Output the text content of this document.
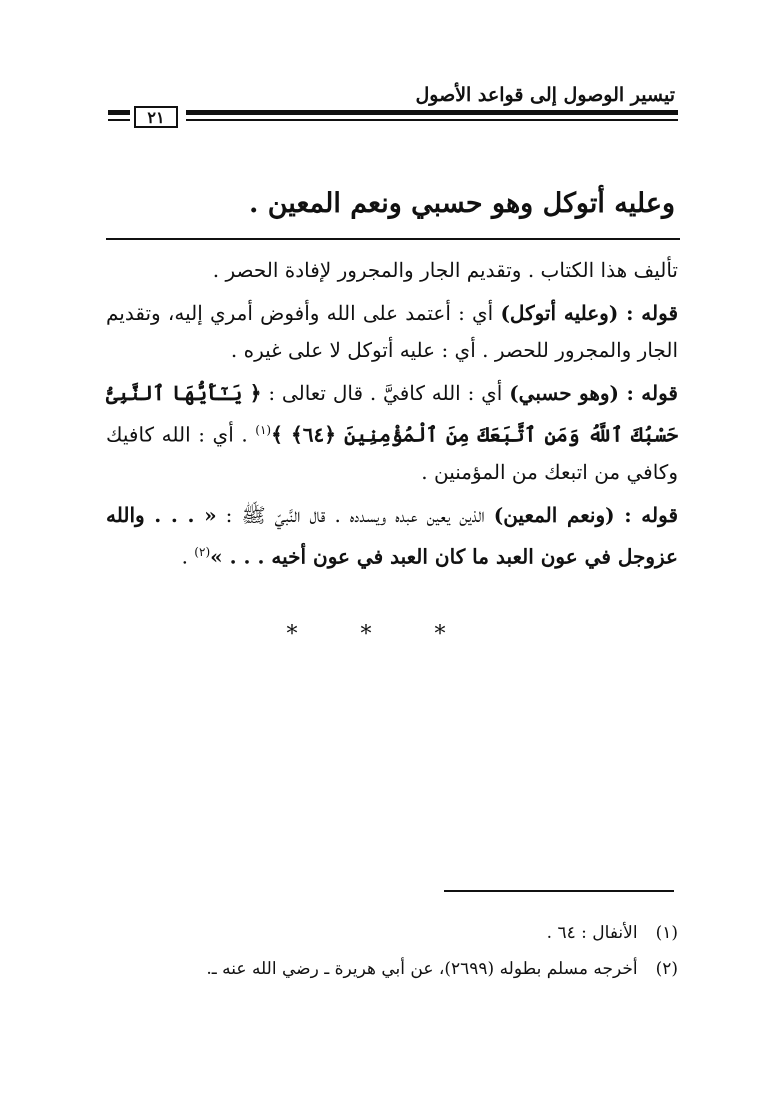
تيسير الوصول إلى قواعد الأصول
٢١
وعليه أتوكل وهو حسبي ونعم المعين .

تأليف هذا الكتاب . وتقديم الجار والمجرور لإفادة الحصر .

قوله : (وعليه أتوكل) أي : أعتمد على الله وأفوض أمري إليه، وتقديم الجار والمجرور للحصر . أي : عليه أتوكل لا على غيره .

قوله : (وهو حسبي) أي : الله كافيَّ . قال تعالى : ﴿ يَـٰٓأَيُّهَا ٱلنَّبِىُّ حَسْبُكَ ٱللَّهُ وَمَنِ ٱتَّبَعَكَ مِنَ ٱلْمُؤْمِنِينَ ﴿٦٤﴾ ﴾$^{(١)}$ . أي : الله كافيك وكافي من اتبعك من المؤمنين .

قوله : (ونعم المعين) الذين يعين عبده ويسدده . قال النَّبيّ ﷺ : « . . . والله عزوجل في عون العبد ما كان العبد في عون أخيه . . . »$^{(٢)}$ .

* * *
(١)الأنفال : ٦٤ .
(٢)أخرجه مسلم بطوله (٢٦٩٩)، عن أبي هريرة ـ رضي الله عنه ـ.
